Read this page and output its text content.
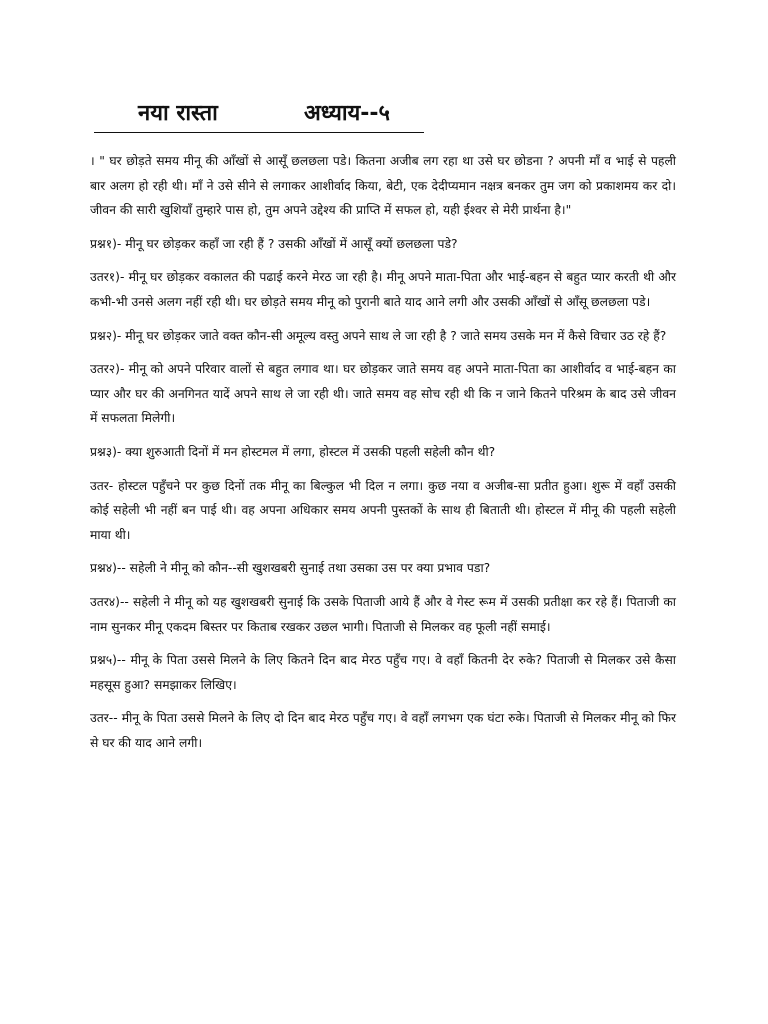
नया रास्ता	अध्याय--५

। " घर छोड़ते समय मीनू की आँखों से आसूँ छलछला पडे। कितना अजीब लग रहा था उसे घर छोडना ? अपनी माँ व भाई से पहली बार अलग हो रही थी। माँ ने उसे सीने से लगाकर आशीर्वाद किया, बेटी, एक देदीप्यमान नक्षत्र बनकर तुम जग को प्रकाशमय कर दो। जीवन की सारी खुशियाँ तुम्हारे पास हो, तुम अपने उद्देश्य की प्राप्ति में सफल हो, यही ईश्वर से मेरी प्रार्थना है।"

प्रश्न१)- मीनू घर छोड़कर कहाँ जा रही हैं ? उसकी आँखों में आसूँ क्यों छलछला पडे?

उतर१)- मीनू घर छोड़कर वकालत की पढाई करने मेरठ जा रही है। मीनू अपने माता-पिता और भाई-बहन से बहुत प्यार करती थी और कभी-भी उनसे अलग नहीं रही थी। घर छोड़ते समय मीनू को पुरानी बाते याद आने लगी और उसकी आँखों से आँसू छलछला पडे।

प्रश्न२)- मीनू घर छोड़कर जाते वक्त कौन-सी अमूल्य वस्तु अपने साथ ले जा रही है ? जाते समय उसके मन में कैसे विचार उठ रहे हैं?

उतर२)- मीनू को अपने परिवार वालों से बहुत लगाव था। घर छोड़कर जाते समय वह अपने माता-पिता का आशीर्वाद व भाई-बहन का प्यार और घर की अनगिनत यादें अपने साथ ले जा रही थी। जाते समय वह सोच रही थी कि न जाने कितने परिश्रम के बाद उसे जीवन में सफलता मिलेगी।

प्रश्न३)- क्या शुरुआती दिनों में मन होस्टमल में लगा, होस्टल में उसकी पहली सहेली कौन थी?

उतर- होस्टल पहुँचने पर कुछ दिनों तक मीनू का बिल्कुल भी दिल न लगा। कुछ नया व अजीब-सा प्रतीत हुआ। शुरू में वहाँ उसकी कोई सहेली भी नहीं बन पाई थी। वह अपना अधिकार समय अपनी पुस्तकों के साथ ही बिताती थी। होस्टल में मीनू की पहली सहेली माया थी।

प्रश्न४)-- सहेली ने मीनू को कौन--सी खुशखबरी सुनाई तथा उसका उस पर क्या प्रभाव पडा?

उतर४)-- सहेली ने मीनू को यह खुशखबरी सुनाई कि उसके पिताजी आये हैं और वे गेस्ट रूम में उसकी प्रतीक्षा कर रहे हैं। पिताजी का नाम सुनकर मीनू एकदम बिस्तर पर किताब रखकर उछल भागी। पिताजी से मिलकर वह फूली नहीं समाई।

प्रश्न५)-- मीनू के पिता उससे मिलने के लिए कितने दिन बाद मेरठ पहुँच गए। वे वहाँ कितनी देर रुके? पिताजी से मिलकर उसे कैसा महसूस हुआ? समझाकर लिखिए।

उतर-- मीनू के पिता उससे मिलने के लिए दो दिन बाद मेरठ पहुँच गए। वे वहाँ लगभग एक घंटा रुके। पिताजी से मिलकर मीनू को फिर से घर की याद आने लगी।
